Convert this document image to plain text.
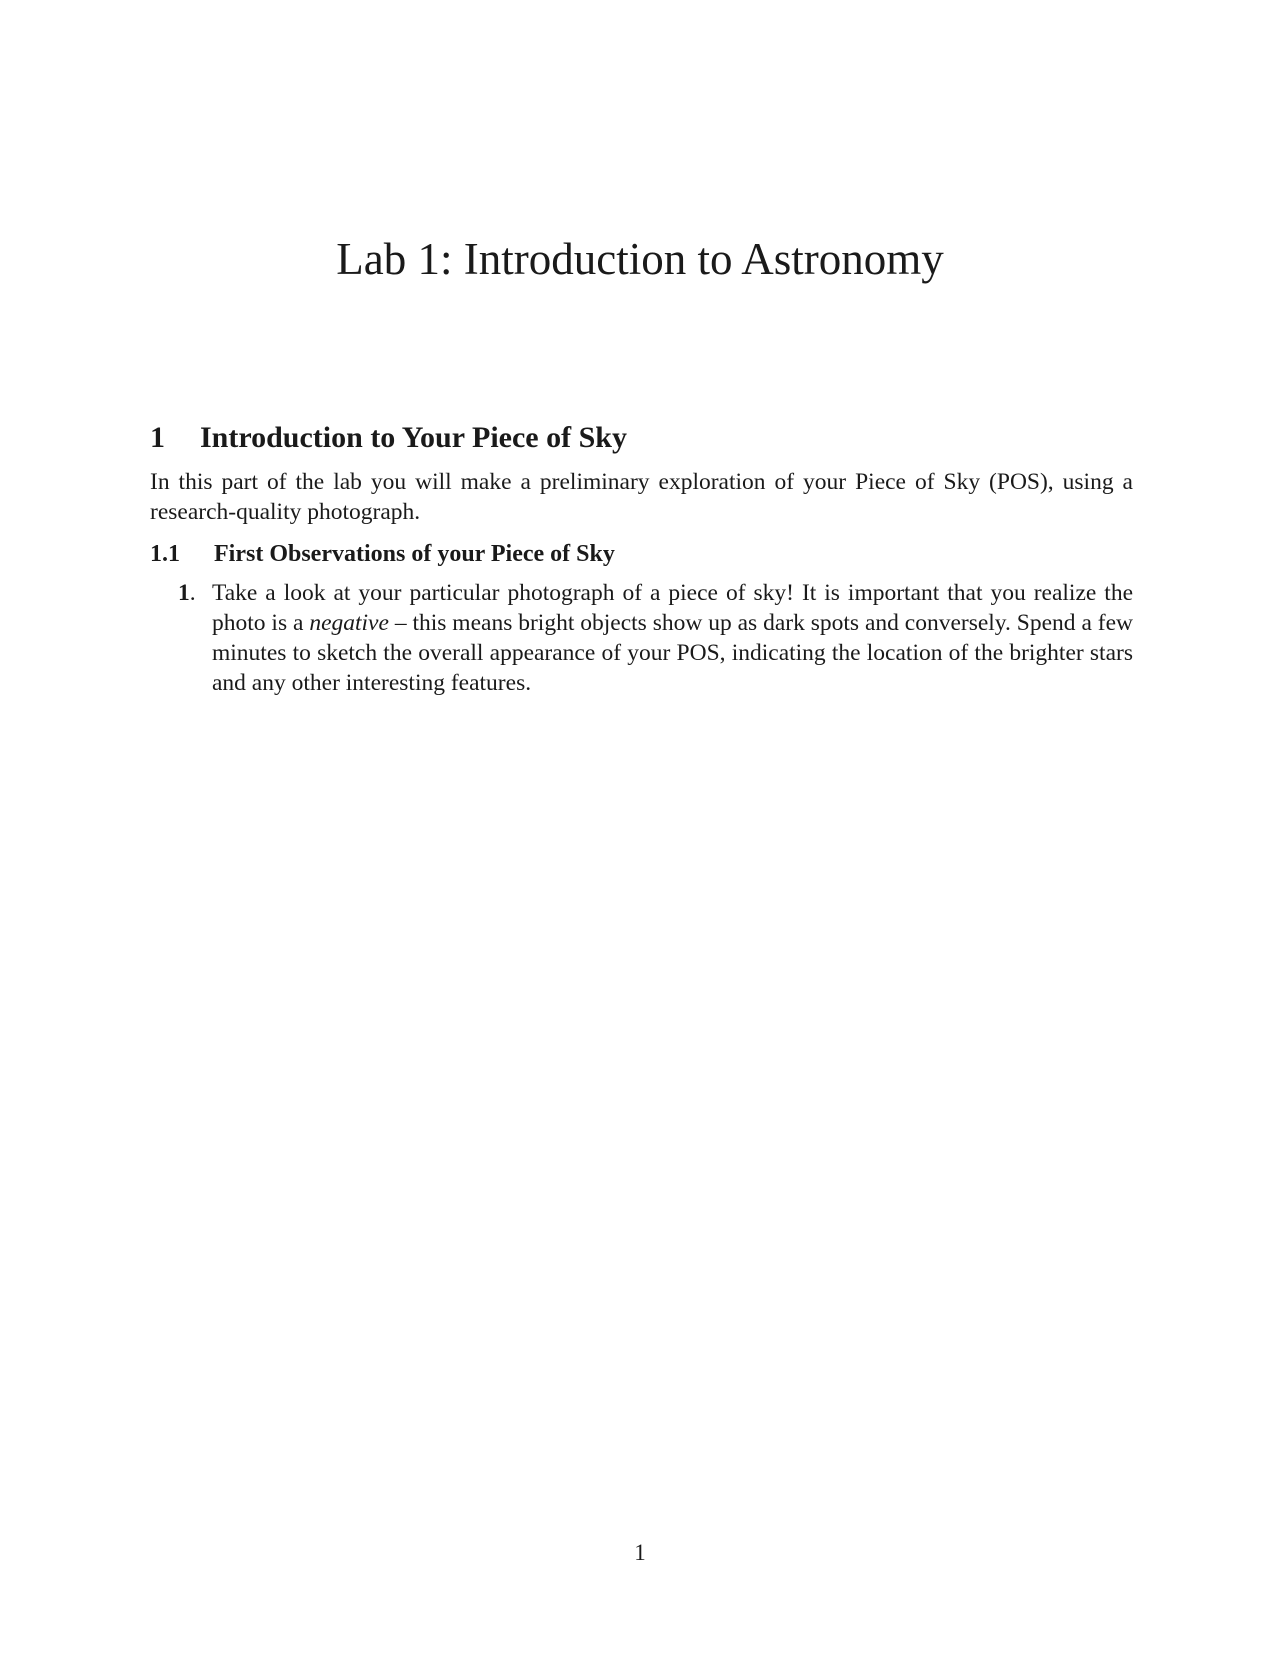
Lab 1: Introduction to Astronomy
1 Introduction to Your Piece of Sky

In this part of the lab you will make a preliminary exploration of your Piece of Sky (POS), using a research-quality photograph.

1.1 First Observations of your Piece of Sky
1. Take a look at your particular photograph of a piece of sky! It is important that you realize the photo is a negative – this means bright objects show up as dark spots and conversely. Spend a few minutes to sketch the overall appearance of your POS, indicating the location of the brighter stars and any other interesting features.

1
